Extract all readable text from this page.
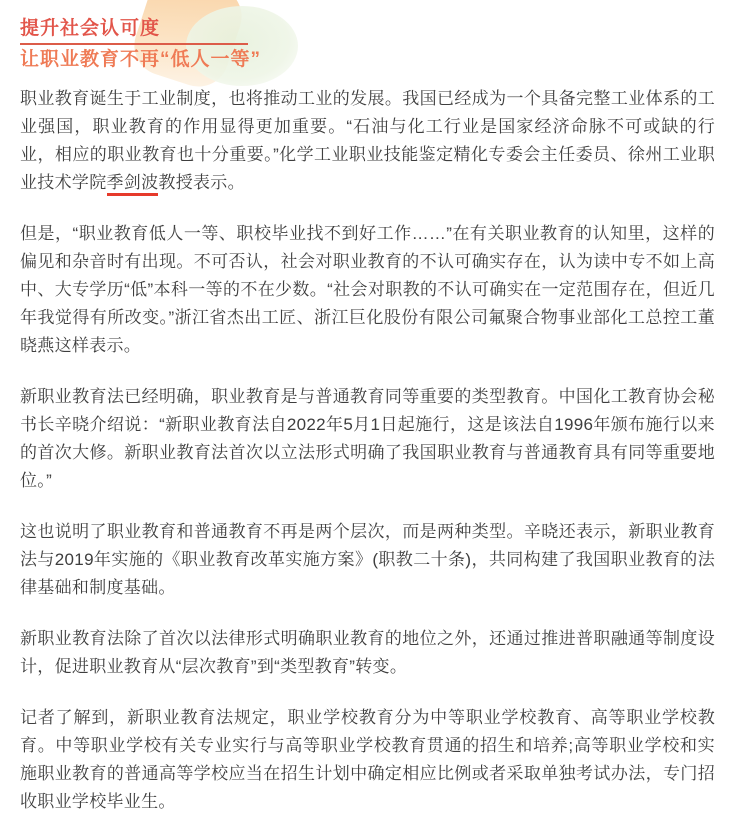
提升社会认可度
让职业教育不再“低人一等”

职业教育诞生于工业制度，也将推动工业的发展。我国已经成为一个具备完整工业体系的工业强国，职业教育的作用显得更加重要。“石油与化工行业是国家经济命脉不可或缺的行业，相应的职业教育也十分重要。”化学工业职业技能鉴定精化专委会主任委员、徐州工业职业技术学院季剑波教授表示。

但是，“职业教育低人一等、职校毕业找不到好工作……”在有关职业教育的认知里，这样的偏见和杂音时有出现。不可否认，社会对职业教育的不认可确实存在，认为读中专不如上高中、大专学历“低”本科一等的不在少数。“社会对职教的不认可确实在一定范围存在，但近几年我觉得有所改变。”浙江省杰出工匠、浙江巨化股份有限公司氟聚合物事业部化工总控工董晓燕这样表示。

新职业教育法已经明确，职业教育是与普通教育同等重要的类型教育。中国化工教育协会秘书长辛晓介绍说：“新职业教育法自2022年5月1日起施行，这是该法自1996年颁布施行以来的首次大修。新职业教育法首次以立法形式明确了我国职业教育与普通教育具有同等重要地位。”

这也说明了职业教育和普通教育不再是两个层次，而是两种类型。辛晓还表示，新职业教育法与2019年实施的《职业教育改革实施方案》(职教二十条)，共同构建了我国职业教育的法律基础和制度基础。

新职业教育法除了首次以法律形式明确职业教育的地位之外，还通过推进普职融通等制度设计，促进职业教育从“层次教育”到“类型教育”转变。

记者了解到，新职业教育法规定，职业学校教育分为中等职业学校教育、高等职业学校教育。中等职业学校有关专业实行与高等职业学校教育贯通的招生和培养;高等职业学校和实施职业教育的普通高等学校应当在招生计划中确定相应比例或者采取单独考试办法，专门招收职业学校毕业生。
